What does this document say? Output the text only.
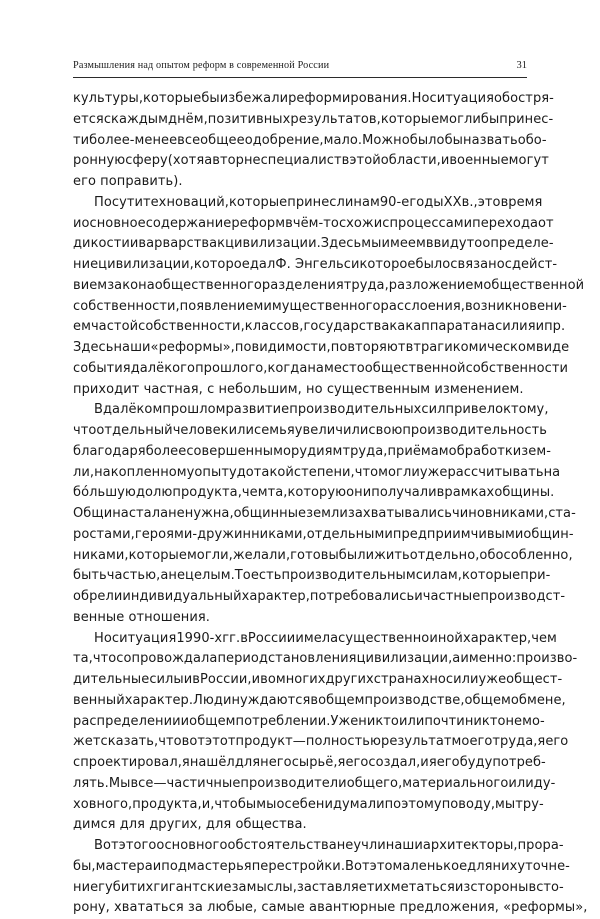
Размышления над опытом реформ в современной России	31

культуры, которые бы избежали реформирования. Но ситуация обостря-
ется с каждым днём, позитивных результатов, которые могли бы принес-
ти более-менее всеобщее одобрение, мало. Можно было бы назвать обо-
ронную сферу (хотя автор не специалист в этой области, и военные могут
его поправить).

По сути тех новаций, которые принесли нам 90-е годы XX в., это время
и основное содержание реформ в чём-то схожи с процессами перехода от
дикости и варварства к цивилизации. Здесь мы имеем в виду то определе-
ние цивилизации, которое дал Ф. Энгельс и которое было связано с дейст-
вием закона общественного разделения труда, разложением общественной
собственности, появлением имущественного расслоения, возникновени-
ем частой собственности, классов, государства как аппарата насилия и пр.
Здесь наши «реформы», по видимости, повторяют в трагикомическом виде
события далёкого прошлого, когда на место общественной собственности
приходит частная, с небольшим, но существенным изменением.

В далёком прошлом развитие производительных сил привело к тому,
что отдельный человек или семья увеличили свою производительность
благодаря более совершенным орудиям труда, приёмам обработки зем-
ли, накопленному опыту до такой степени, что могли уже рассчитывать на
бо́льшую долю продукта, чем та, которую они получали в рамках общины.
Община стала не нужна, общинные земли захватывались чиновниками, ста-
ростами, героями-дружинниками, отдельными предприимчивыми общин-
никами, которые могли, желали, готовы были жить отдельно, обособленно,
быть частью, а не целым. То есть производительным силам, которые при-
обрели индивидуальный характер, потребовались и частные производст-
венные отношения.

Но ситуация 1990-х гг. в России имела существенно иной характер, чем
та, что сопровождала период становления цивилизации, а именно: произво-
дительные силы и в России, и во многих других странах носили уже общест-
венный характер. Люди нуждаются в общем производстве, общем обмене,
распределении и общем потреблении. Уже никто или почти никто не мо-
жет сказать, что вот этот продукт — полностью результат моего труда, я его
спроектировал, я нашёл для него сырьё, я его создал, и я его буду потреб-
лять. Мы все — частичные производители общего, материального или ду-
ховного, продукта, и, что бы мы о себе ни думали по этому поводу, мы тру-
димся для других, для общества.

Вот этого основного обстоятельства не учли наши архитекторы, прора-
бы, мастера и подмастерья перестройки. Вот это маленькое для них уточне-
ние губит их гигантские замыслы, заставляет их метаться из стороны в сто-
рону, хвататься за любые, самые авантюрные предложения, «реформы»,
